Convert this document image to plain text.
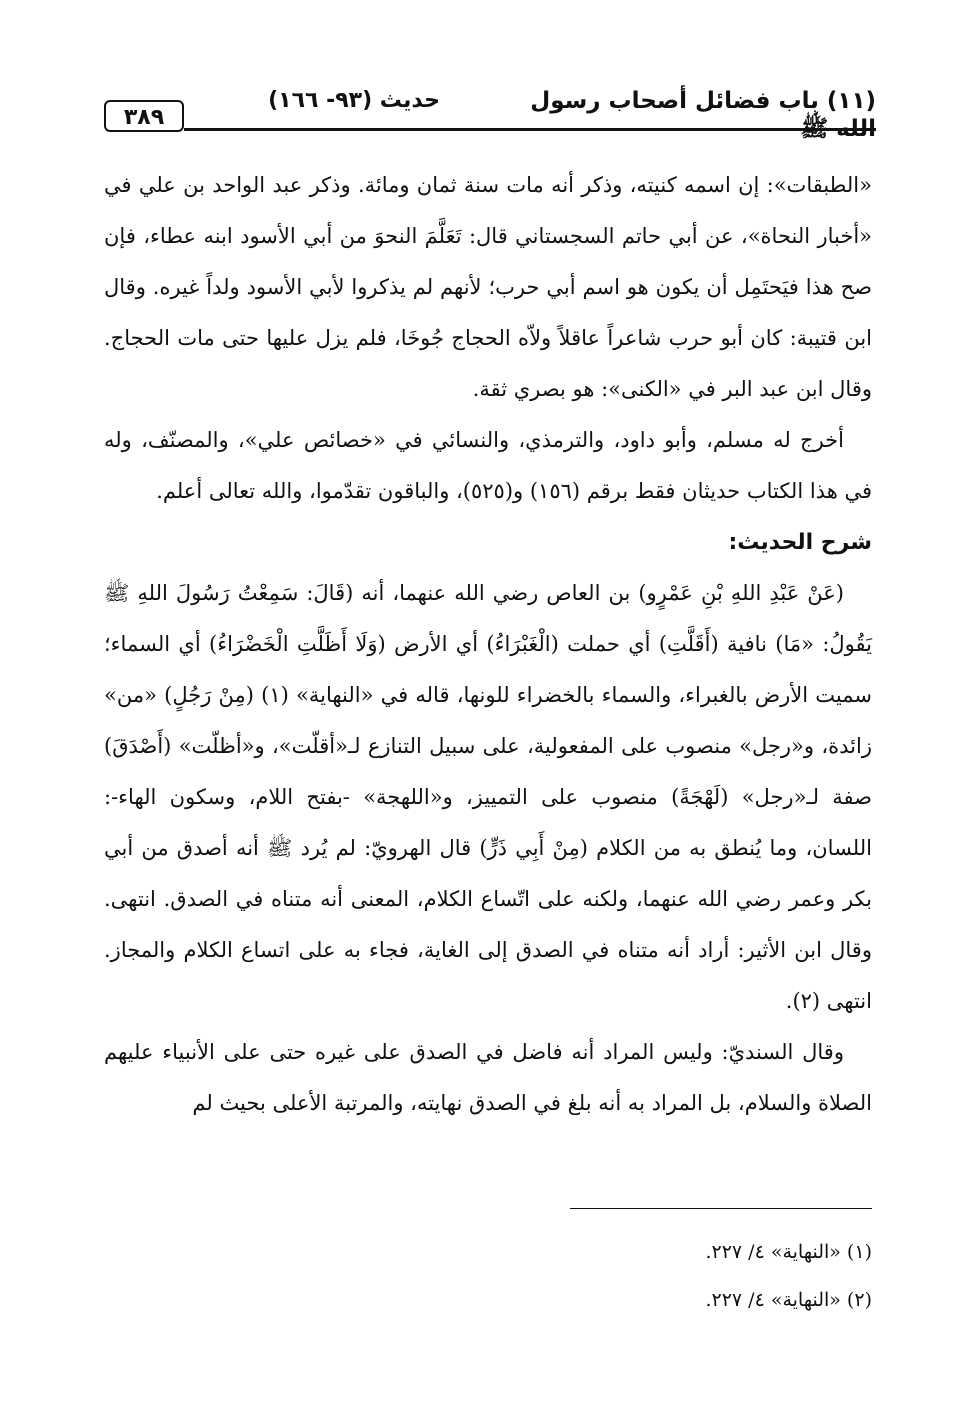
٣٨٩
حديث (٩٣- ١٦٦)	(١١) باب فضائل أصحاب رسول الله ﷺ

«الطبقات»: إن اسمه كنيته، وذكر أنه مات سنة ثمان ومائة. وذكر عبد الواحد بن علي في «أخبار النحاة»، عن أبي حاتم السجستاني قال: تَعَلَّمَ النحوَ من أبي الأسود ابنه عطاء، فإن صح هذا فيَحتَمِل أن يكون هو اسم أبي حرب؛ لأنهم لم يذكروا لأبي الأسود ولداً غيره. وقال ابن قتيبة: كان أبو حرب شاعراً عاقلاً ولاّه الحجاج جُوخَا، فلم يزل عليها حتى مات الحجاج. وقال ابن عبد البر في «الكنى»: هو بصري ثقة.

أخرج له مسلم، وأبو داود، والترمذي، والنسائي في «خصائص علي»، والمصنّف، وله في هذا الكتاب حديثان فقط برقم (١٥٦) و(٥٢٥)، والباقون تقدّموا، والله تعالى أعلم.

شرح الحديث:

(عَنْ عَبْدِ اللهِ بْنِ عَمْرٍو) بن العاص رضي الله عنهما، أنه (قَالَ: سَمِعْتُ رَسُولَ اللهِ ﷺ يَقُولُ: «مَا) نافية (أَقَلَّتِ) أي حملت (الْغَبْرَاءُ) أي الأرض (وَلَا أَظَلَّتِ الْخَضْرَاءُ) أي السماء؛ سميت الأرض بالغبراء، والسماء بالخضراء للونها، قاله في «النهاية» (١) (مِنْ رَجُلٍ) «من» زائدة، و«رجل» منصوب على المفعولية، على سبيل التنازع لـ«أقلّت»، و«أظلّت» (أَصْدَقَ) صفة لـ«رجل» (لَهْجَةً) منصوب على التمييز، و«اللهجة» -بفتح اللام، وسكون الهاء-: اللسان، وما يُنطق به من الكلام (مِنْ أَبِي ذَرٍّ) قال الهرويّ: لم يُرد ﷺ أنه أصدق من أبي بكر وعمر رضي الله عنهما، ولكنه على اتّساع الكلام، المعنى أنه متناه في الصدق. انتهى. وقال ابن الأثير: أراد أنه متناه في الصدق إلى الغاية، فجاء به على اتساع الكلام والمجاز. انتهى (٢).

وقال السنديّ: وليس المراد أنه فاضل في الصدق على غيره حتى على الأنبياء عليهم الصلاة والسلام، بل المراد به أنه بلغ في الصدق نهايته، والمرتبة الأعلى بحيث لم

(١) «النهاية» ٤/ ٢٢٧.
(٢) «النهاية» ٤/ ٢٢٧.
